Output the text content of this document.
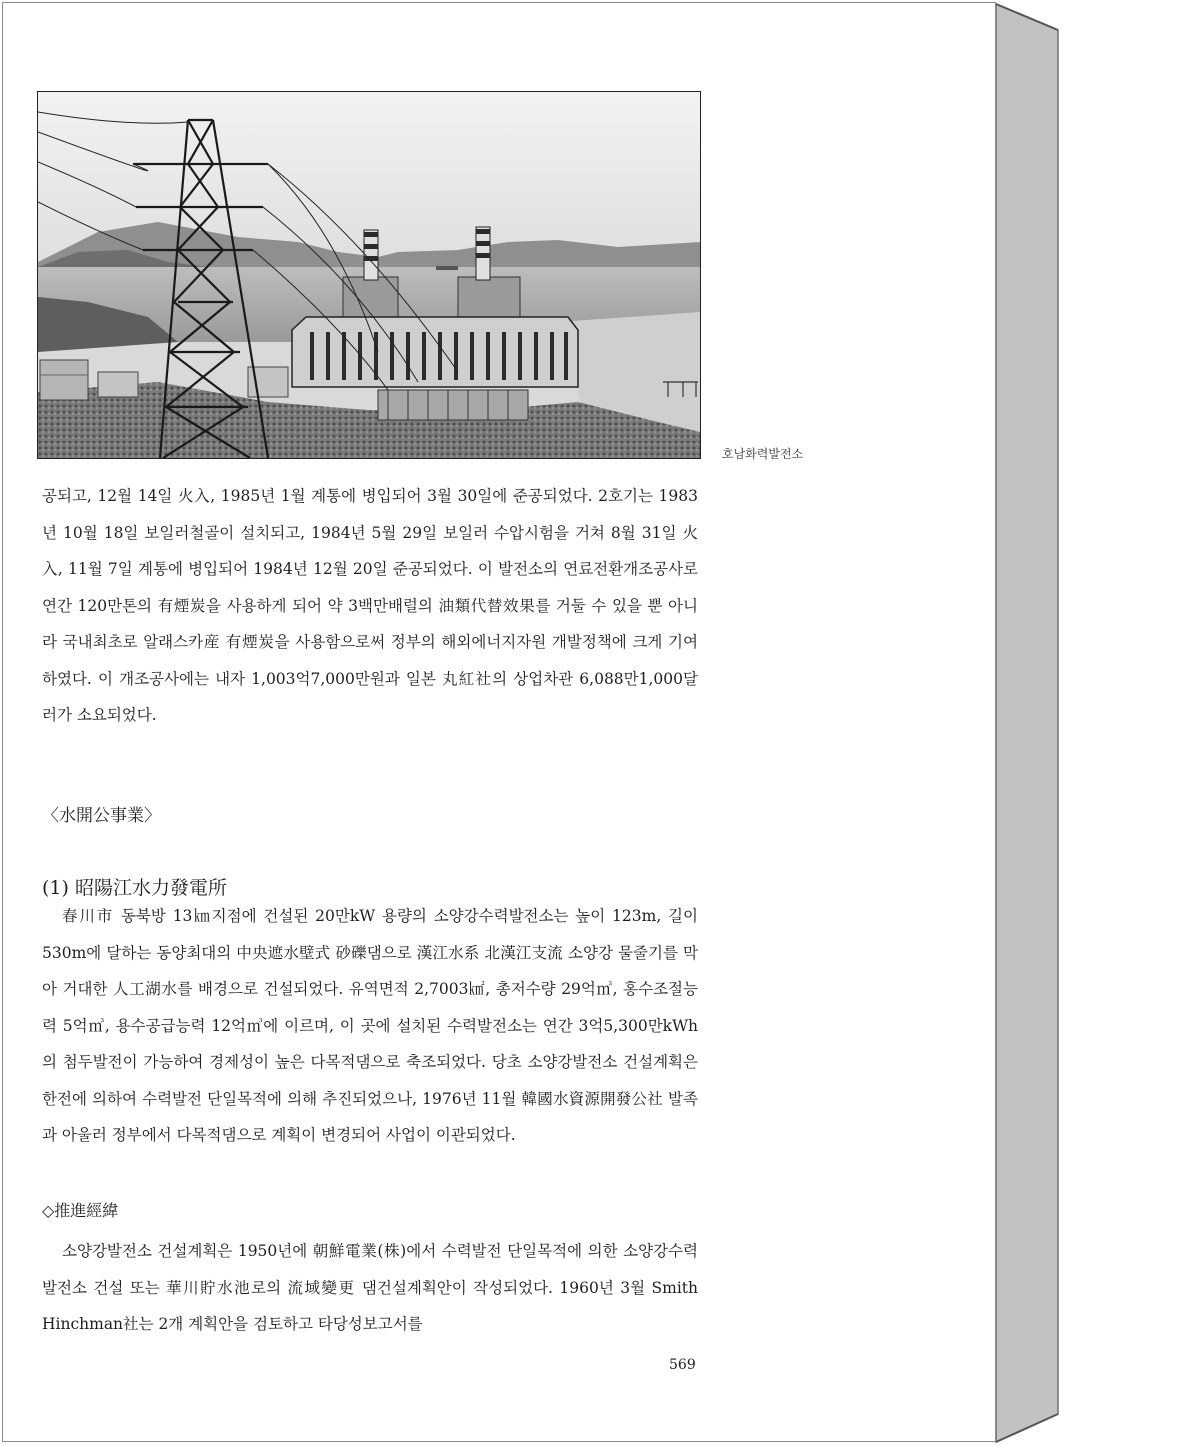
호남화력발전소

공되고, 12월 14일 火入, 1985년 1월 계통에 병입되어 3월 30일에 준공되었다. 2호기는 1983년 10월 18일 보일러철골이 설치되고, 1984년 5월 29일 보일러 수압시험을 거쳐 8월 31일 火入, 11월 7일 계통에 병입되어 1984년 12월 20일 준공되었다. 이 발전소의 연료전환개조공사로 연간 120만톤의 有煙炭을 사용하게 되어 약 3백만배럴의 油類代替效果를 거둘 수 있을 뿐 아니라 국내최초로 알래스카産 有煙炭을 사용함으로써 정부의 해외에너지자원 개발정책에 크게 기여하였다. 이 개조공사에는 내자 1,003억7,000만원과 일본 丸紅社의 상업차관 6,088만1,000달러가 소요되었다.

〈水開公事業〉
(1) 昭陽江水力發電所

春川市 동북방 13㎞지점에 건설된 20만kW 용량의 소양강수력발전소는 높이 123m, 길이 530m에 달하는 동양최대의 中央遮水壁式 砂礫댐으로 漢江水系 北漢江支流 소양강 물줄기를 막아 거대한 人工湖水를 배경으로 건설되었다. 유역면적 2,7003㎢, 총저수량 29억㎥, 홍수조절능력 5억㎥, 용수공급능력 12억㎥에 이르며, 이 곳에 설치된 수력발전소는 연간 3억5,300만kWh의 첨두발전이 가능하여 경제성이 높은 다목적댐으로 축조되었다. 당초 소양강발전소 건설계획은 한전에 의하여 수력발전 단일목적에 의해 추진되었으나, 1976년 11월 韓國水資源開發公社 발족과 아울러 정부에서 다목적댐으로 계획이 변경되어 사업이 이관되었다.

◇推進經緯

소양강발전소 건설계획은 1950년에 朝鮮電業(株)에서 수력발전 단일목적에 의한 소양강수력발전소 건설 또는 華川貯水池로의 流域變更 댐건설계획안이 작성되었다. 1960년 3월 Smith Hinchman社는 2개 계획안을 검토하고 타당성보고서를

569
